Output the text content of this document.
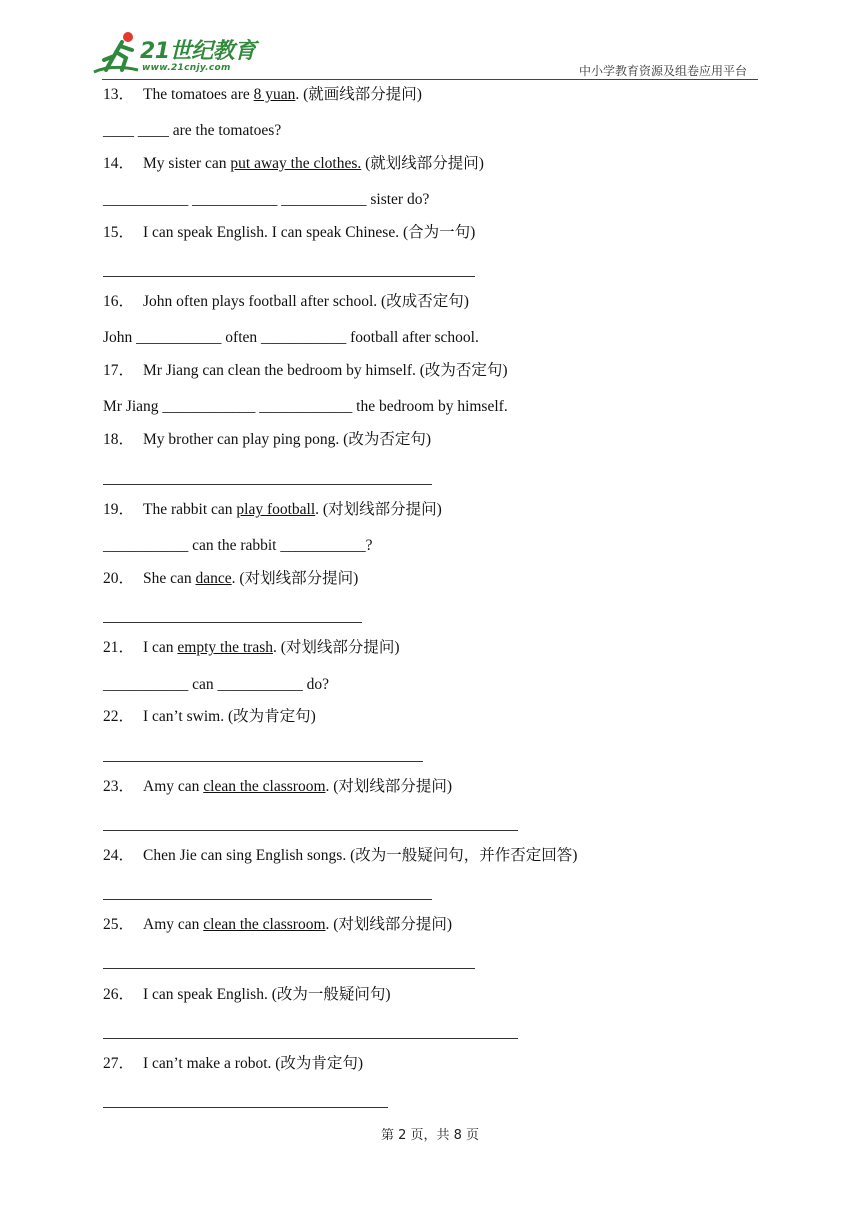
21世纪教育
www.21cnjy.com	中小学教育资源及组卷应用平台
13． The tomatoes are 8 yuan. (就画线部分提问)
____ ____ are the tomatoes?
14． My sister can put away the clothes. (就划线部分提问)
___________ ___________ ___________ sister do?
15． I can speak English. I can speak Chinese. (合为一句)
16． John often plays football after school. (改成否定句)
John ___________ often ___________ football after school.
17． Mr Jiang can clean the bedroom by himself. (改为否定句)
Mr Jiang ____________ ____________ the bedroom by himself.
18． My brother can play ping pong. (改为否定句)
19． The rabbit can play football. (对划线部分提问)
___________ can the rabbit ___________?
20． She can dance. (对划线部分提问)
21． I can empty the trash. (对划线部分提问)
___________ can ___________ do?
22． I can’t swim. (改为肯定句)
23． Amy can clean the classroom. (对划线部分提问)
24． Chen Jie can sing English songs. (改为一般疑问句，并作否定回答)
25． Amy can clean the classroom. (对划线部分提问)
26． I can speak English. (改为一般疑问句)
27． I can’t make a robot. (改为肯定句)
第 2 页，共 8 页
